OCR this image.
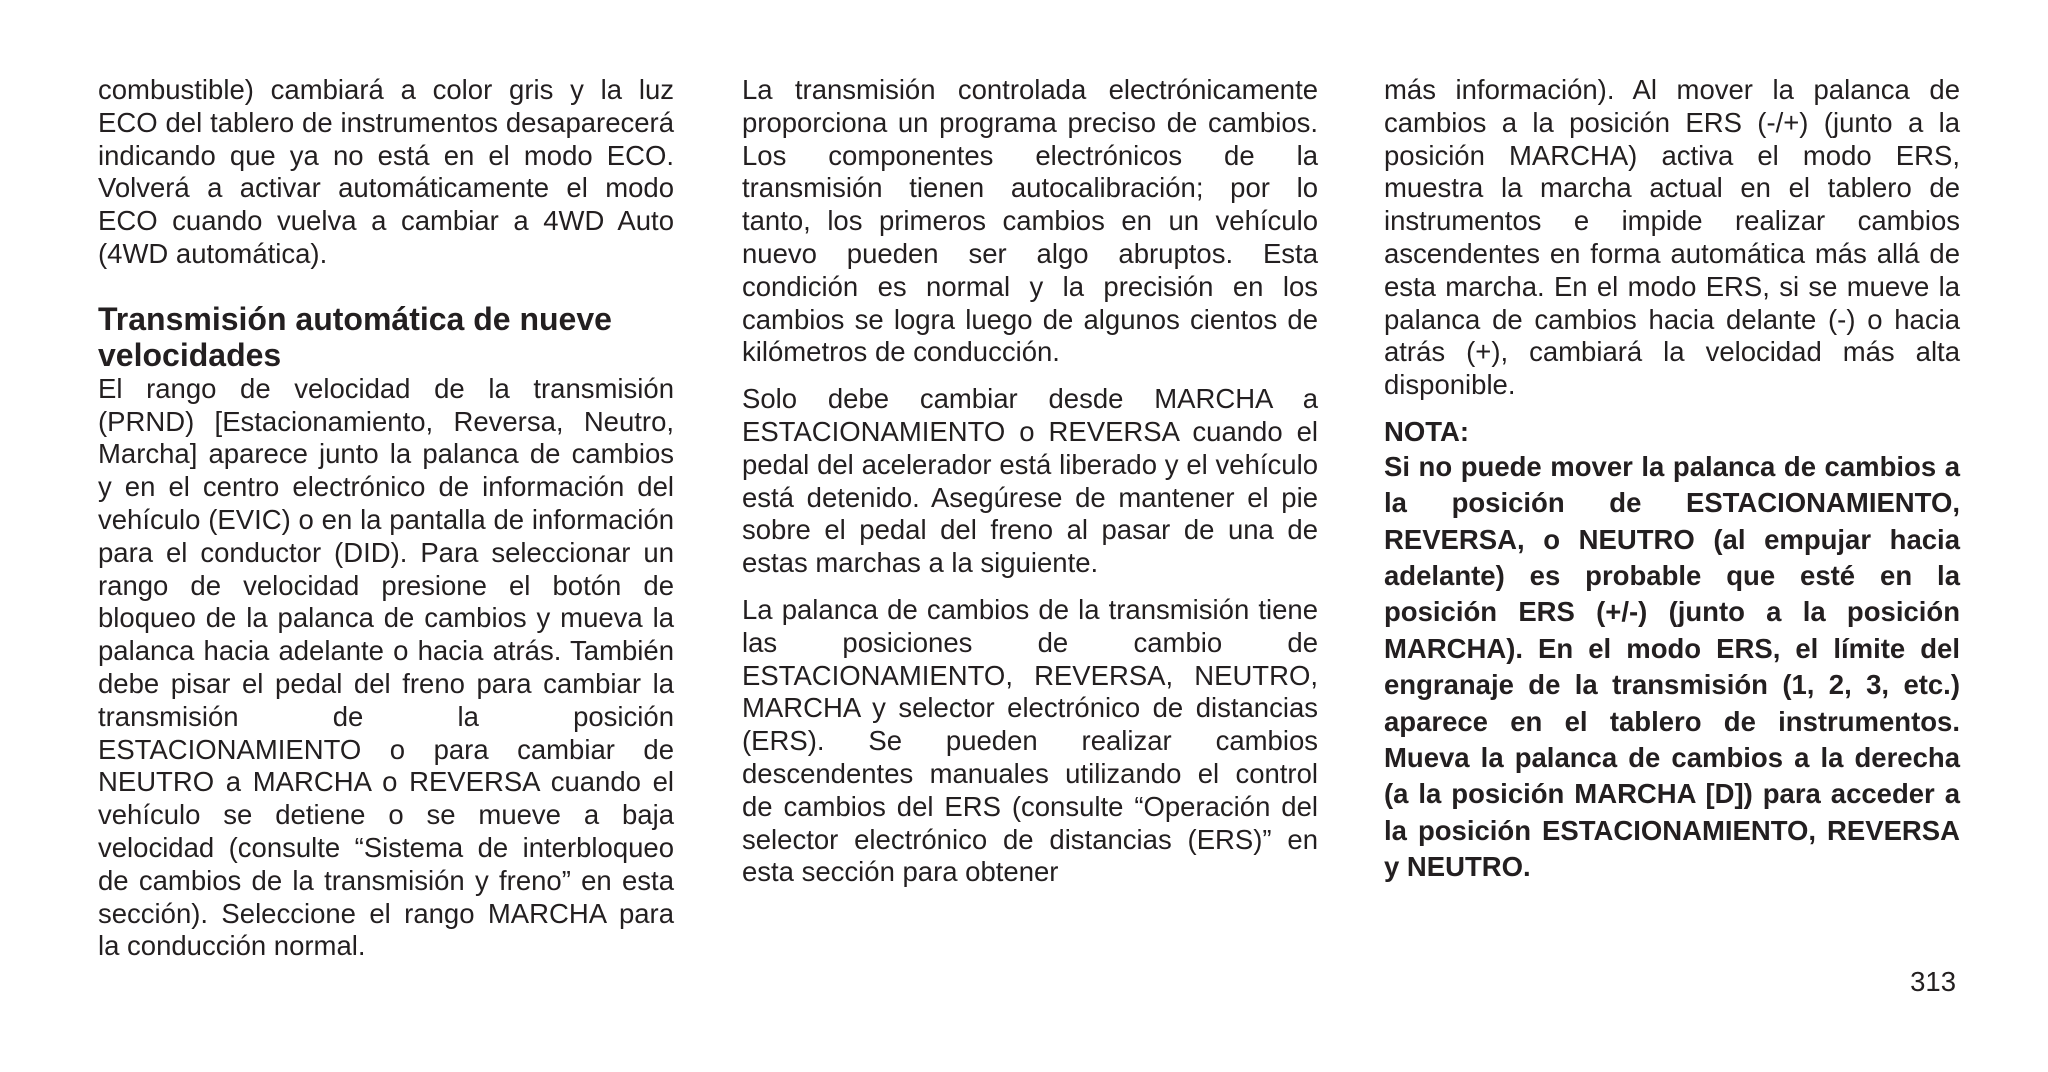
combustible) cambiará a color gris y la luz ECO del tablero de instrumentos desaparecerá indicando que ya no está en el modo ECO. Volverá a activar automáticamente el modo ECO cuando vuelva a cambiar a 4WD Auto (4WD automática).

Transmisión automática de nueve velocidades

El rango de velocidad de la transmisión (PRND) [Estacionamiento, Reversa, Neutro, Marcha] aparece junto la palanca de cambios y en el centro electrónico de información del vehículo (EVIC) o en la pantalla de información para el conductor (DID). Para seleccionar un rango de velocidad presione el botón de bloqueo de la palanca de cambios y mueva la palanca hacia adelante o hacia atrás. También debe pisar el pedal del freno para cambiar la transmisión de la posición ESTACIONAMIENTO o para cambiar de NEUTRO a MARCHA o REVERSA cuando el vehículo se detiene o se mueve a baja velocidad (consulte “Sistema de interbloqueo de cambios de la transmisión y freno” en esta sección). Seleccione el rango MARCHA para la conducción normal.

La transmisión controlada electrónicamente proporciona un programa preciso de cambios. Los componentes electrónicos de la transmisión tienen autocalibración; por lo tanto, los primeros cambios en un vehículo nuevo pueden ser algo abruptos. Esta condición es normal y la precisión en los cambios se logra luego de algunos cientos de kilómetros de conducción.

Solo debe cambiar desde MARCHA a ESTACIONAMIENTO o REVERSA cuando el pedal del acelerador está liberado y el vehículo está detenido. Asegúrese de mantener el pie sobre el pedal del freno al pasar de una de estas marchas a la siguiente.

La palanca de cambios de la transmisión tiene las posiciones de cambio de ESTACIONAMIENTO, REVERSA, NEUTRO, MARCHA y selector electrónico de distancias (ERS). Se pueden realizar cambios descendentes manuales utilizando el control de cambios del ERS (consulte “Operación del selector electrónico de distancias (ERS)” en esta sección para obtener

más información). Al mover la palanca de cambios a la posición ERS (-/+) (junto a la posición MARCHA) activa el modo ERS, muestra la marcha actual en el tablero de instrumentos e impide realizar cambios ascendentes en forma automática más allá de esta marcha. En el modo ERS, si se mueve la palanca de cambios hacia delante (-) o hacia atrás (+), cambiará la velocidad más alta disponible.

NOTA:

Si no puede mover la palanca de cambios a la posición de ESTACIONAMIENTO, REVERSA, o NEUTRO (al empujar hacia adelante) es probable que esté en la posición ERS (+/-) (junto a la posición MARCHA). En el modo ERS, el límite del engranaje de la transmisión (1, 2, 3, etc.) aparece en el tablero de instrumentos. Mueva la palanca de cambios a la derecha (a la posición MARCHA [D]) para acceder a la posición ESTACIONAMIENTO, REVERSA y NEUTRO.

313
